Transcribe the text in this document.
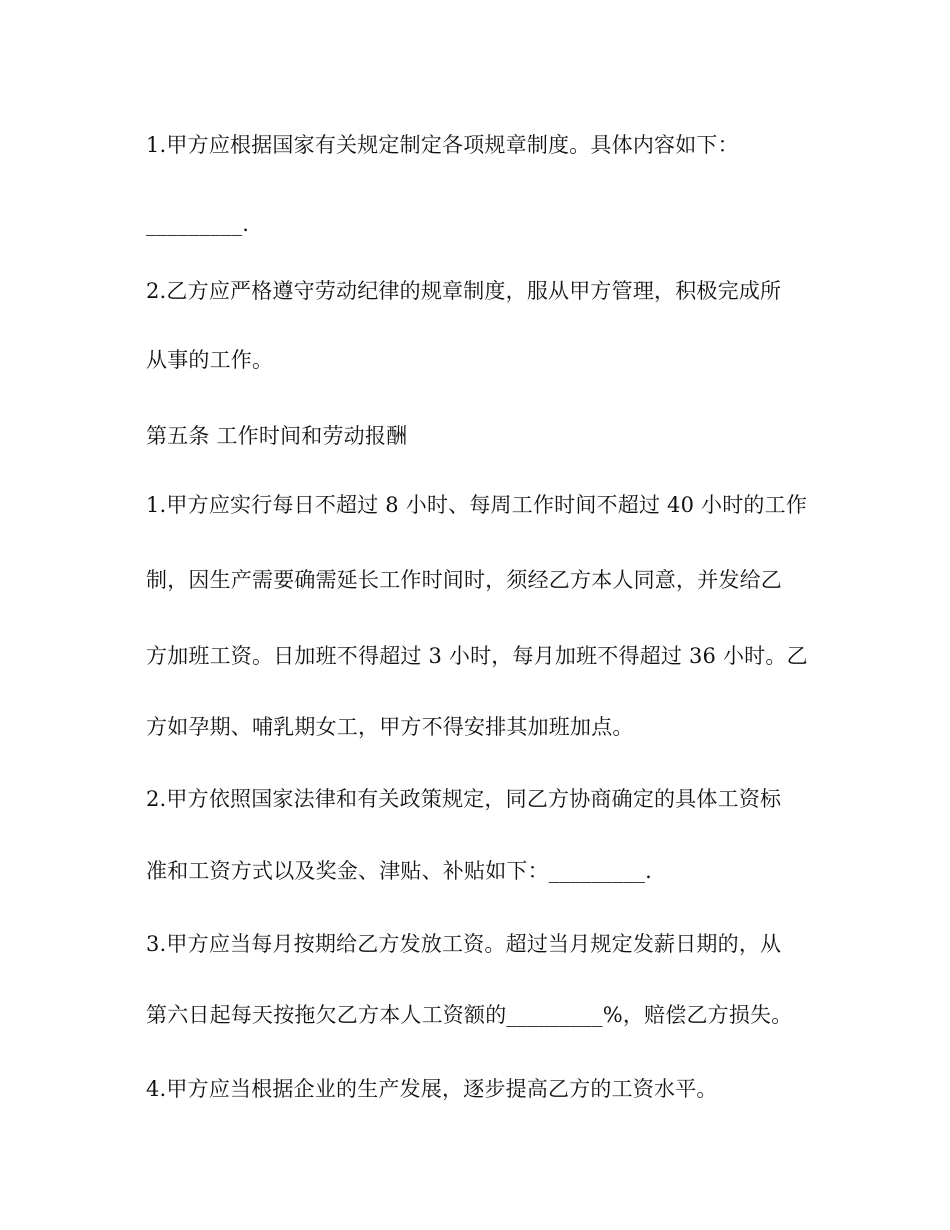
1.甲方应根据国家有关规定制定各项规章制度。具体内容如下：
_________.
2.乙方应严格遵守劳动纪律的规章制度，服从甲方管理，积极完成所
从事的工作。
第五条 工作时间和劳动报酬
1.甲方应实行每日不超过 8 小时、每周工作时间不超过 40 小时的工作
制，因生产需要确需延长工作时间时，须经乙方本人同意，并发给乙
方加班工资。日加班不得超过 3 小时，每月加班不得超过 36 小时。乙
方如孕期、哺乳期女工，甲方不得安排其加班加点。
2.甲方依照国家法律和有关政策规定，同乙方协商确定的具体工资标
准和工资方式以及奖金、津贴、补贴如下：_________.
3.甲方应当每月按期给乙方发放工资。超过当月规定发薪日期的，从
第六日起每天按拖欠乙方本人工资额的_________%，赔偿乙方损失。
4.甲方应当根据企业的生产发展，逐步提高乙方的工资水平。
